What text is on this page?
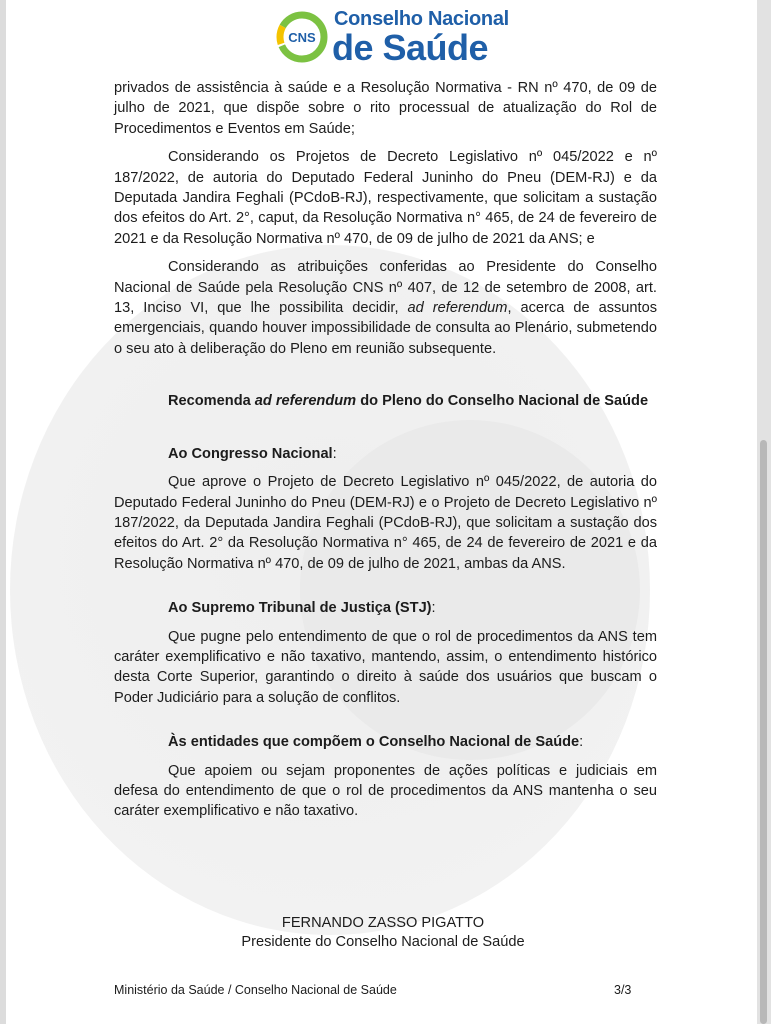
CNS
Conselho Nacional
de Saúde

privados de assistência à saúde e a Resolução Normativa - RN nº 470, de 09 de julho de 2021, que dispõe sobre o rito processual de atualização do Rol de Procedimentos e Eventos em Saúde;

Considerando os Projetos de Decreto Legislativo nº 045/2022 e nº 187/2022, de autoria do Deputado Federal Juninho do Pneu (DEM-RJ) e da Deputada Jandira Feghali (PCdoB-RJ), respectivamente, que solicitam a sustação dos efeitos do Art. 2°, caput, da Resolução Normativa n° 465, de 24 de fevereiro de 2021 e da Resolução Normativa nº 470, de 09 de julho de 2021 da ANS; e

Considerando as atribuições conferidas ao Presidente do Conselho Nacional de Saúde pela Resolução CNS nº 407, de 12 de setembro de 2008, art. 13, Inciso VI, que lhe possibilita decidir, ad referendum, acerca de assuntos emergenciais, quando houver impossibilidade de consulta ao Plenário, submetendo o seu ato à deliberação do Pleno em reunião subsequente.

Recomenda ad referendum do Pleno do Conselho Nacional de Saúde

Ao Congresso Nacional:

Que aprove o Projeto de Decreto Legislativo nº 045/2022, de autoria do Deputado Federal Juninho do Pneu (DEM-RJ) e o Projeto de Decreto Legislativo nº 187/2022, da Deputada Jandira Feghali (PCdoB-RJ), que solicitam a sustação dos efeitos do Art. 2° da Resolução Normativa n° 465, de 24 de fevereiro de 2021 e da Resolução Normativa nº 470, de 09 de julho de 2021, ambas da ANS.

Ao Supremo Tribunal de Justiça (STJ):

Que pugne pelo entendimento de que o rol de procedimentos da ANS tem caráter exemplificativo e não taxativo, mantendo, assim, o entendimento histórico desta Corte Superior, garantindo o direito à saúde dos usuários que buscam o Poder Judiciário para a solução de conflitos.

Às entidades que compõem o Conselho Nacional de Saúde:

Que apoiem ou sejam proponentes de ações políticas e judiciais em defesa do entendimento de que o rol de procedimentos da ANS mantenha o seu caráter exemplificativo e não taxativo.

FERNANDO ZASSO PIGATTO
Presidente do Conselho Nacional de Saúde
Ministério da Saúde / Conselho Nacional de Saúde	3/3
